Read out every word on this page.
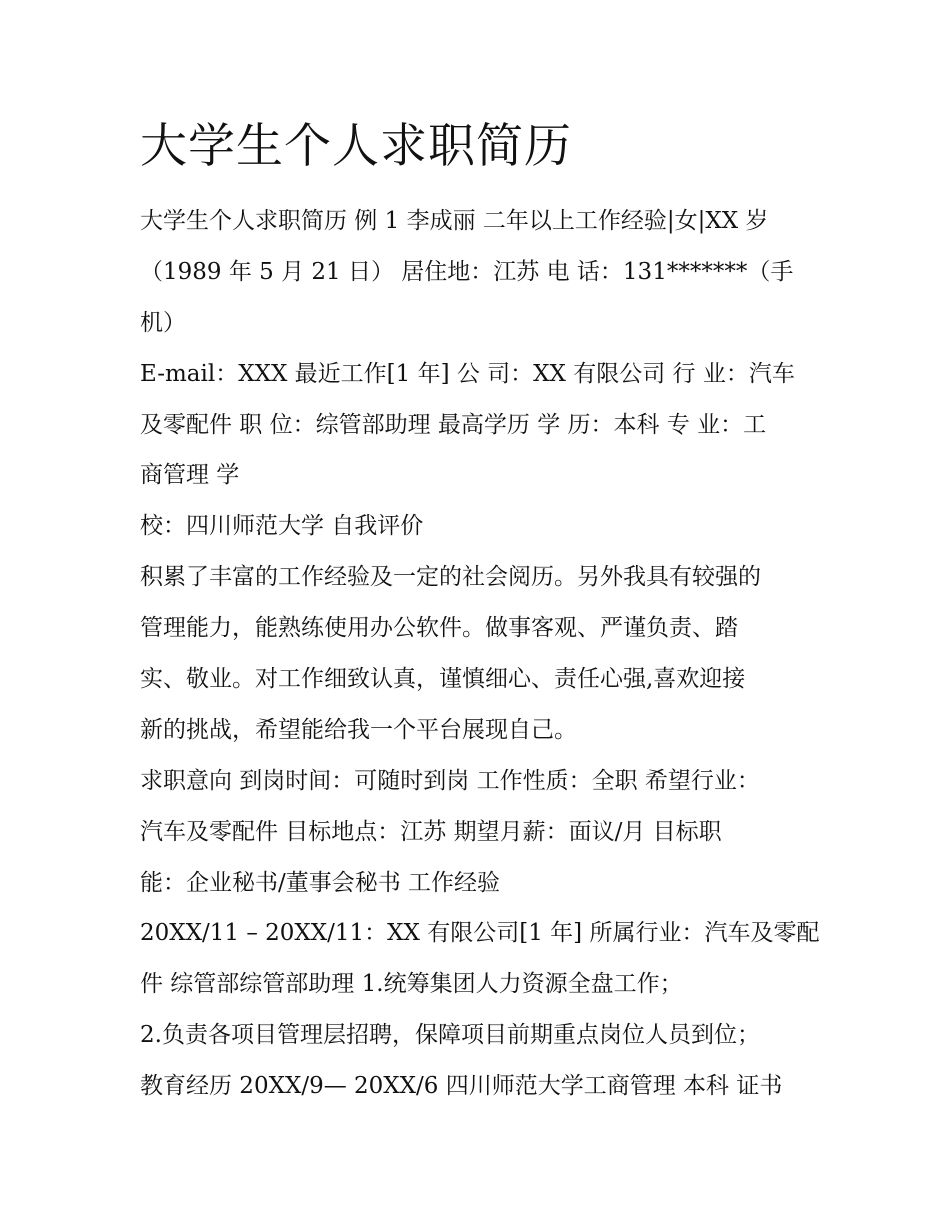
大学生个人求职简历

大学生个人求职简历 例 1 李成丽 二年以上工作经验|女|XX 岁

（1989 年 5 月 21 日） 居住地：江苏 电 话：131*******（手

机）

E-mail：XXX 最近工作[1 年] 公 司：XX 有限公司 行 业：汽车

及零配件 职 位：综管部助理 最高学历 学 历：本科 专 业：工

商管理 学

校：四川师范大学 自我评价

积累了丰富的工作经验及一定的社会阅历。另外我具有较强的

管理能力，能熟练使用办公软件。做事客观、严谨负责、踏

实、敬业。对工作细致认真，谨慎细心、责任心强,喜欢迎接

新的挑战，希望能给我一个平台展现自己。

求职意向 到岗时间：可随时到岗 工作性质：全职 希望行业：

汽车及零配件 目标地点：江苏 期望月薪：面议/月 目标职

能：企业秘书/董事会秘书 工作经验

20XX/11 – 20XX/11：XX 有限公司[1 年] 所属行业：汽车及零配

件 综管部综管部助理 1.统筹集团人力资源全盘工作；

2.负责各项目管理层招聘，保障项目前期重点岗位人员到位；

教育经历 20XX/9— 20XX/6 四川师范大学工商管理 本科 证书
